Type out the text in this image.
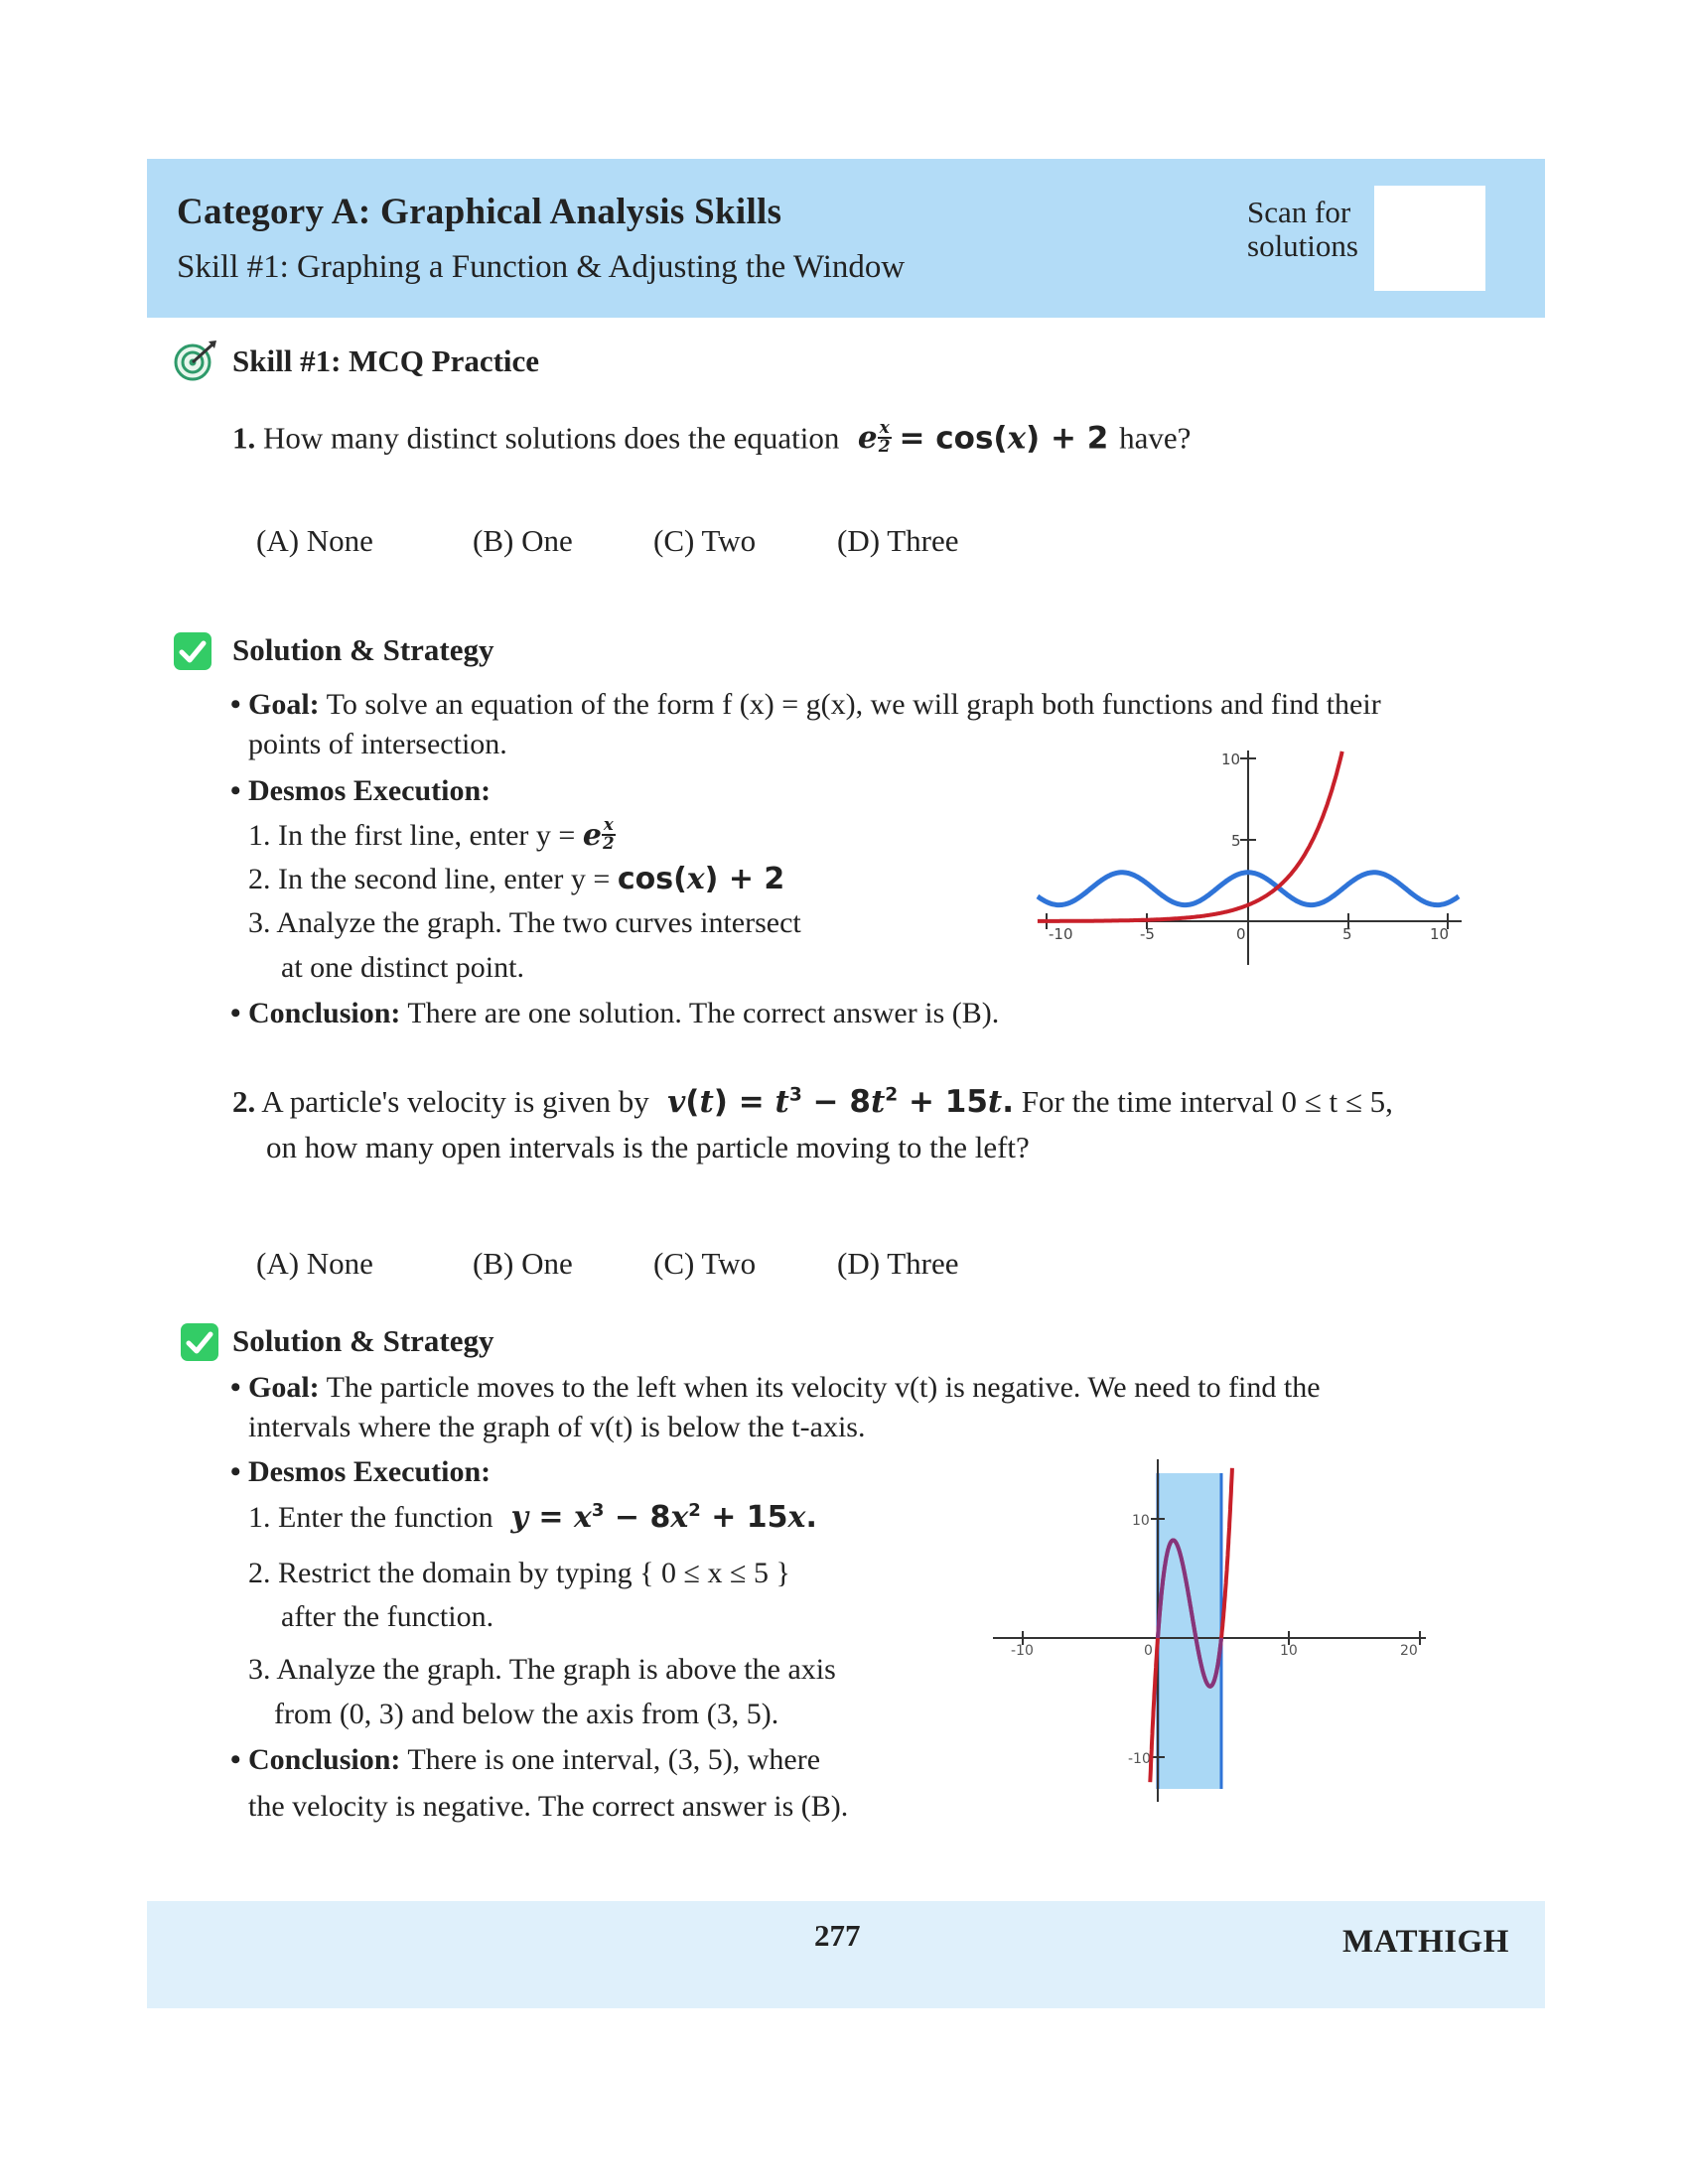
Category A: Graphical Analysis Skills
Skill #1: Graphing a Function & Adjusting the Window
Scan for solutions
Skill #1: MCQ Practice
1. How many distinct solutions does the equation  e $\frac{x}{2} = \cos(x) + 2$ have?
(A) None	(B) One	(C) Two	(D) Three
Solution & Strategy
• Goal: To solve an equation of the form f (x) = g(x), we will graph both functions and find their
points of intersection.
• Desmos Execution:
1. In the first line, enter y = e $\frac{x}{2}$
2. In the second line, enter y = cos(x) + 2
3. Analyze the graph. The two curves intersect
at one distinct point.
• Conclusion: There are one solution. The correct answer is (B).
-10	-5	0	5	10
10
5
2. A particle's velocity is given by  $v(t) = t^3 - 8t^2 + 15t$. For the time interval 0 ≤ t ≤ 5,
on how many open intervals is the particle moving to the left?
(A) None	(B) One	(C) Two	(D) Three
Solution & Strategy
• Goal: The particle moves to the left when its velocity v(t) is negative. We need to find the
intervals where the graph of v(t) is below the t-axis.
• Desmos Execution:
1. Enter the function  $y = x^3 - 8x^2 + 15x$.
2. Restrict the domain by typing { 0 ≤ x ≤ 5 }
after the function.
3. Analyze the graph. The graph is above the axis
from (0, 3) and below the axis from (3, 5).
• Conclusion: There is one interval, (3, 5), where
the velocity is negative. The correct answer is (B).
-10	0	10	20
10
-10
277	MATHIGH
